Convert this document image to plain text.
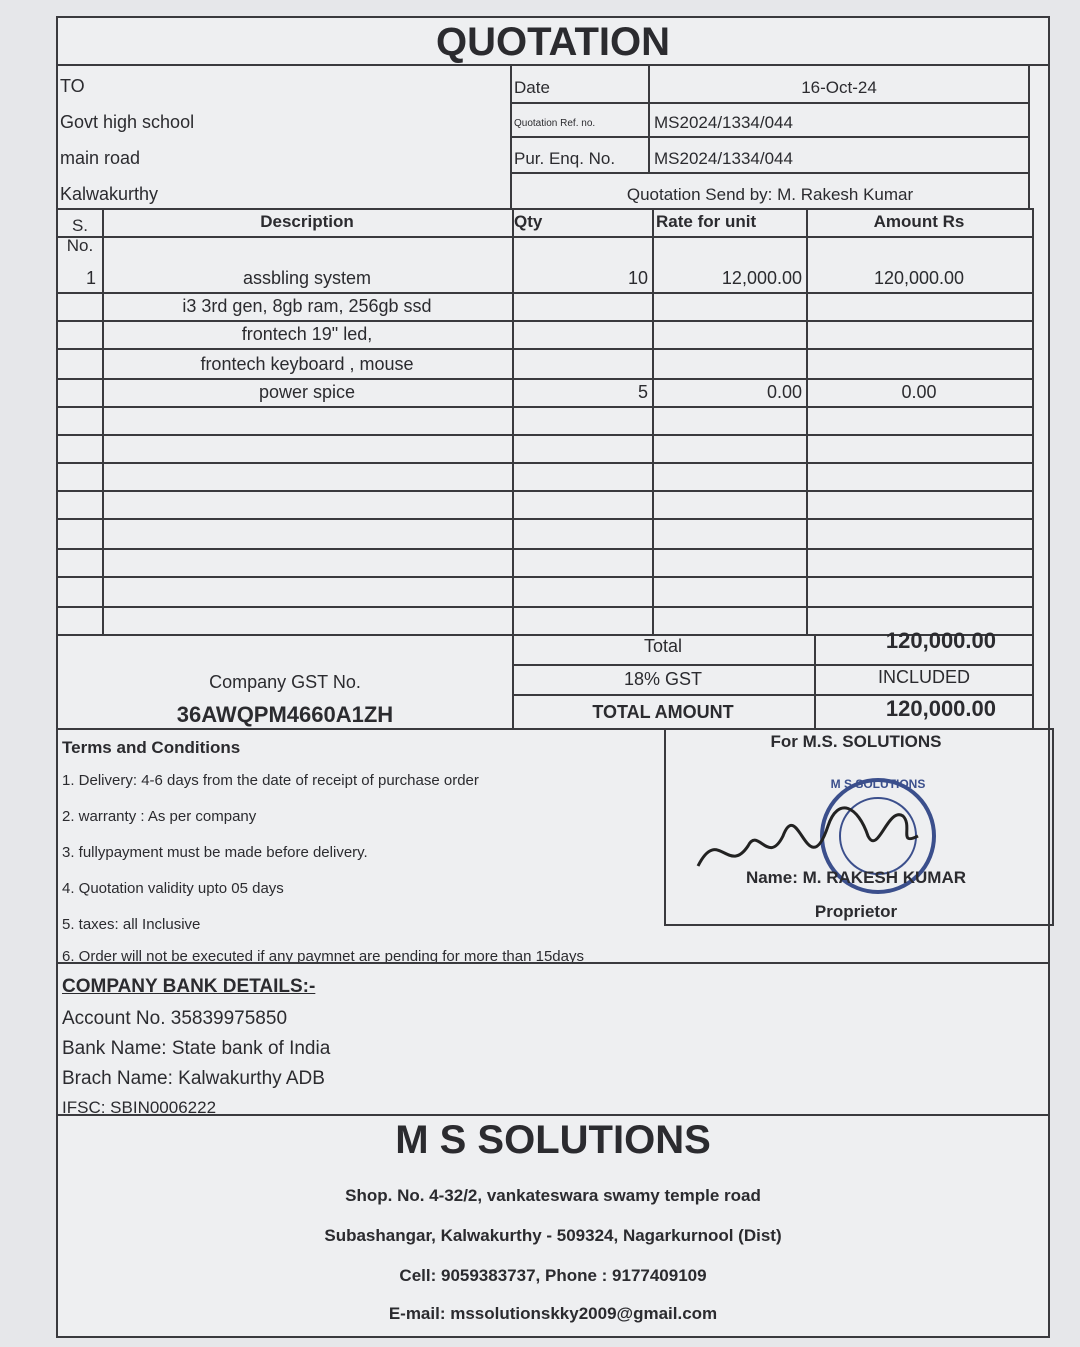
QUOTATION
TO
Govt high school
main road
Kalwakurthy
Date	16-Oct-24
Quotation Ref. no.	MS2024/1334/044
Pur. Enq. No. MS2024/1334/044
Quotation Send by: M. Rakesh Kumar
S. No.
Description	Qty	Rate for unit	Amount Rs
1	assbling system	10	12,000.00	120,000.00
i3 3rd gen, 8gb ram, 256gb ssd
frontech 19" led,
frontech keyboard , mouse
power spice	5	0.00	0.00
Total	120,000.00
18% GST	INCLUDED
TOTAL AMOUNT	120,000.00
Company GST No.
36AWQPM4660A1ZH
Terms and Conditions
1. Delivery: 4-6 days from the date of receipt of purchase order
2. warranty : As per company
3. fullypayment must be made before delivery.
4. Quotation validity upto 05 days
5. taxes: all Inclusive
6. Order will not be executed if any paymnet are pending for more than 15days
For M.S. SOLUTIONS
M S SOLUTIONS
Name: M. RAKESH KUMAR
Proprietor
COMPANY BANK DETAILS:-
Account No. 35839975850
Bank Name: State bank of India
Brach Name: Kalwakurthy ADB
IFSC: SBIN0006222
M S SOLUTIONS
Shop. No. 4-32/2, vankateswara swamy temple road
Subashangar, Kalwakurthy - 509324, Nagarkurnool (Dist)
Cell: 9059383737, Phone : 9177409109
E-mail: mssolutionskky2009@gmail.com
